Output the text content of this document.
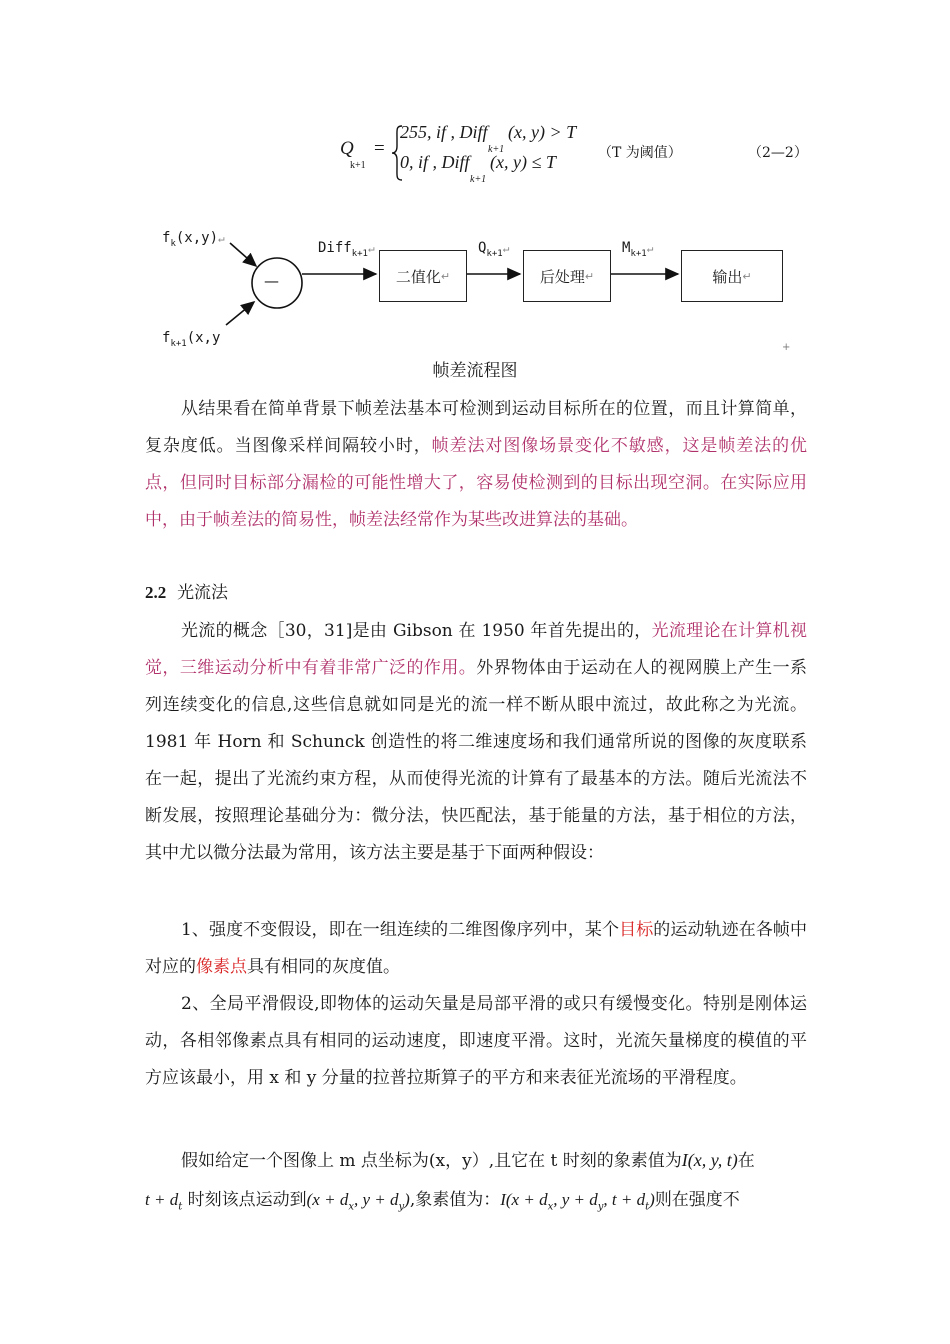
Q
k+1
=
255, if , Diff
k+1
(x, y) > T
0, if , Diff
k+1
(x, y) ≤ T	（T 为阈值）	（2—2）
$f_k(x,y)↵$
$f_{k+1}(x,y$
—
Diff$_{k+1}$↵
二值化 ↵
$Q_{k+1}↵$
后处理 ↵
$M_{k+1}↵$
输出 ↵
帧差流程图
+

从结果看在简单背景下帧差法基本可检测到运动目标所在的位置，而且计算简单，复杂度低。当图像采样间隔较小时，帧差法对图像场景变化不敏感，这是帧差法的优点，但同时目标部分漏检的可能性增大了，容易使检测到的目标出现空洞。在实际应用中，由于帧差法的简易性，帧差法经常作为某些改进算法的基础。

2.2 光流法

光流的概念［30，31]是由 Gibson 在 1950 年首先提出的，光流理论在计算机视觉，三维运动分析中有着非常广泛的作用。外界物体由于运动在人的视网膜上产生一系列连续变化的信息,这些信息就如同是光的流一样不断从眼中流过，故此称之为光流。1981 年 Horn 和 Schunck 创造性的将二维速度场和我们通常所说的图像的灰度联系在一起，提出了光流约束方程，从而使得光流的计算有了最基本的方法。随后光流法不断发展，按照理论基础分为：微分法，快匹配法，基于能量的方法，基于相位的方法，其中尤以微分法最为常用，该方法主要是基于下面两种假设：

1、强度不变假设，即在一组连续的二维图像序列中，某个目标的运动轨迹在各帧中对应的像素点具有相同的灰度值。

2、全局平滑假设,即物体的运动矢量是局部平滑的或只有缓慢变化。特别是刚体运动，各相邻像素点具有相同的运动速度，即速度平滑。这时，光流矢量梯度的模值的平方应该最小，用 x 和 y 分量的拉普拉斯算子的平方和来表征光流场的平滑程度。

假如给定一个图像上 m 点坐标为(x，y）,且它在 t 时刻的象素值为I(x, y, t)在
$t + d_t$ 时刻该点运动到($x + d_x$, $y + d_y$),象素值为：$I(x + d_x$, $y + d_y$, $t + d_t$)则在强度不
